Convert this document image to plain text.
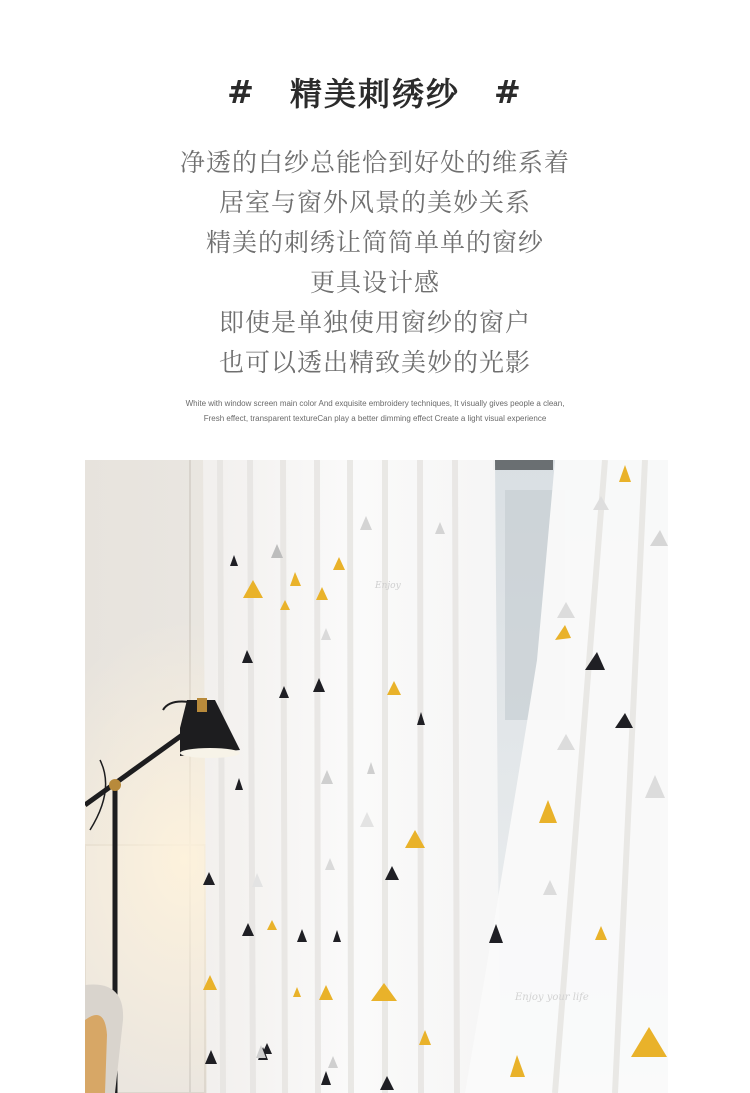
# 精美刺绣纱 #
净透的白纱总能恰到好处的维系着
居室与窗外风景的美妙关系
精美的刺绣让简简单单的窗纱
更具设计感
即使是单独使用窗纱的窗户
也可以透出精致美妙的光影
White with window screen main color And exquisite embroidery techniques, It visually gives people a clean,
Fresh effect, transparent textureCan play a better dimming effect Create a light visual experience
Enjoy
Enjoy your life
